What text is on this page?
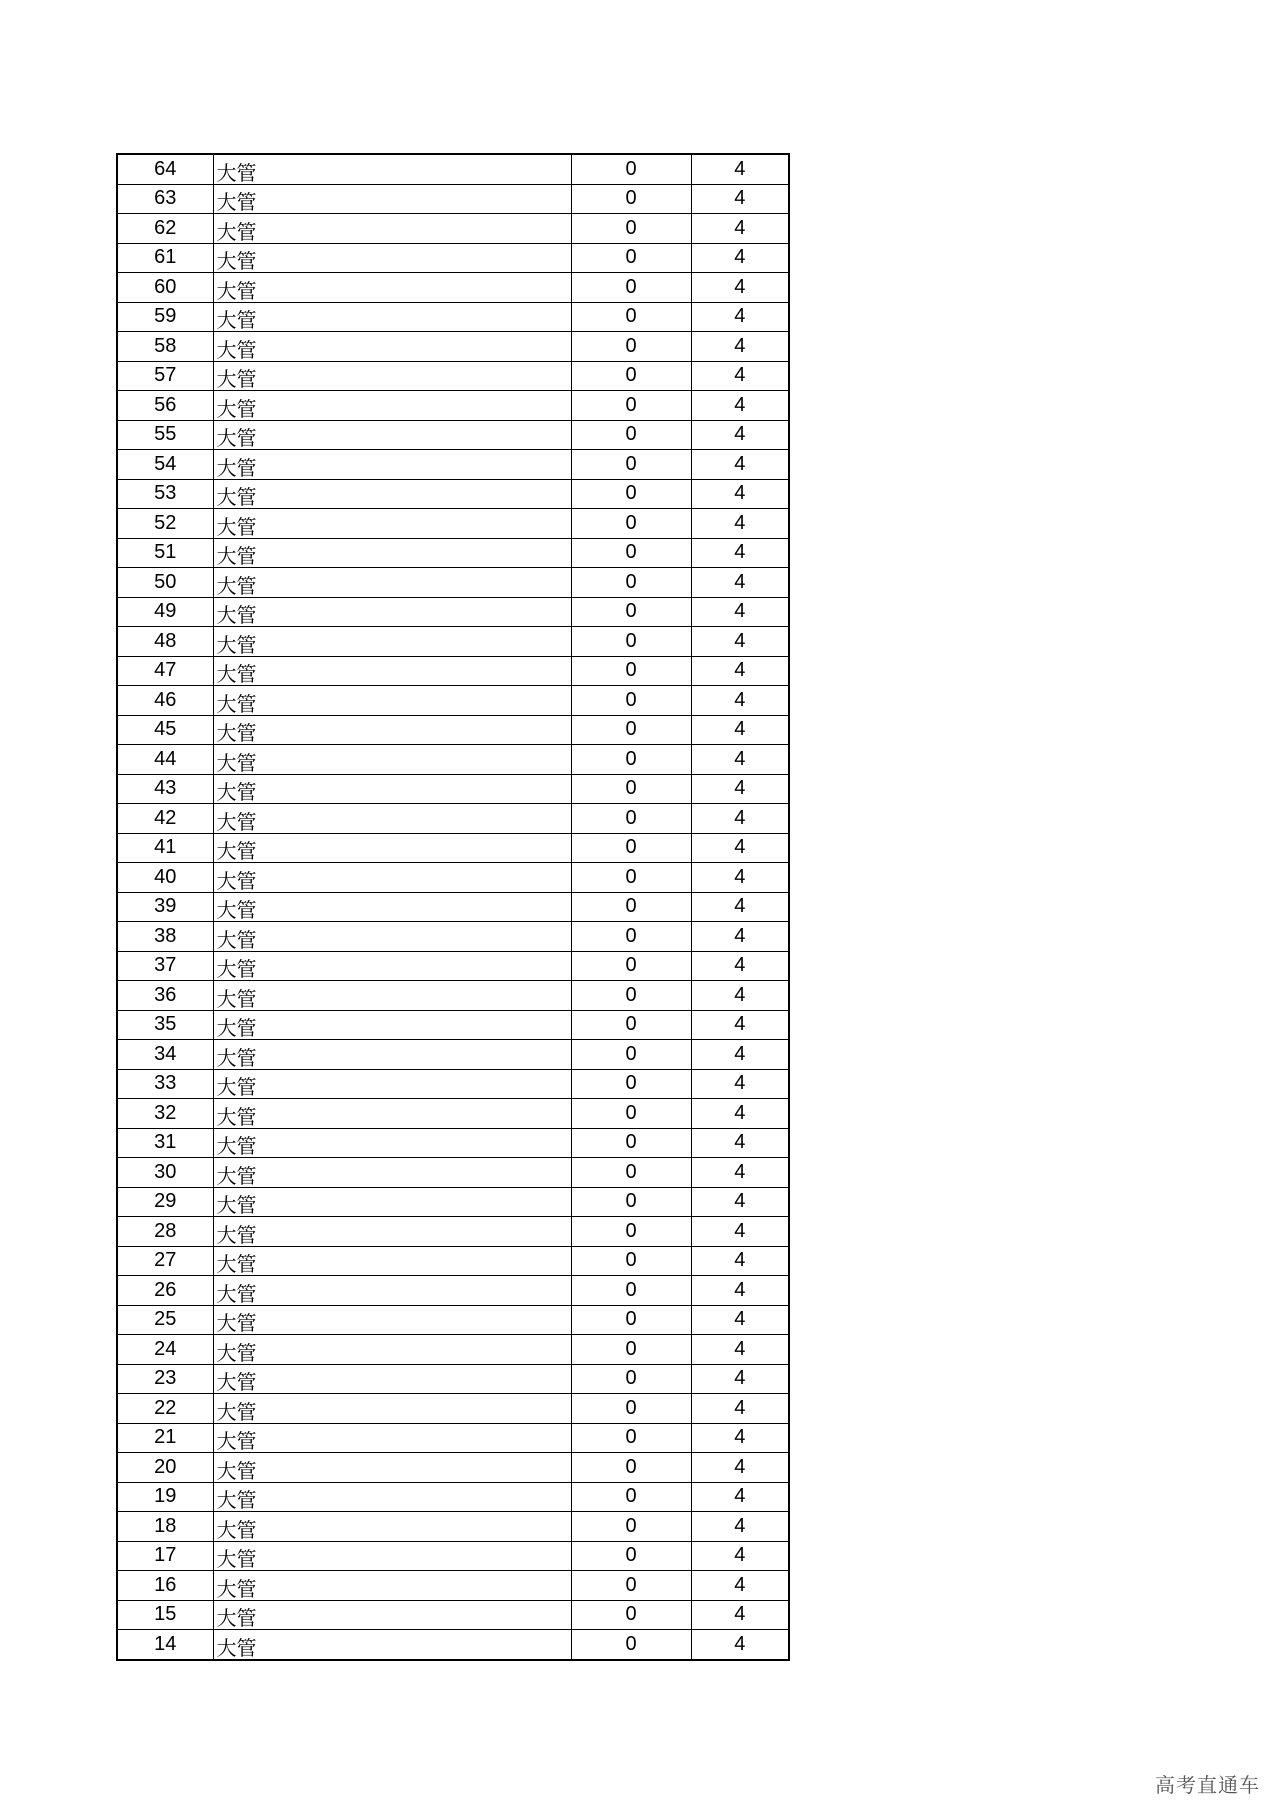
64	大管	0	4
63	大管	0	4
62	大管	0	4
61	大管	0	4
60	大管	0	4
59	大管	0	4
58	大管	0	4
57	大管	0	4
56	大管	0	4
55	大管	0	4
54	大管	0	4
53	大管	0	4
52	大管	0	4
51	大管	0	4
50	大管	0	4
49	大管	0	4
48	大管	0	4
47	大管	0	4
46	大管	0	4
45	大管	0	4
44	大管	0	4
43	大管	0	4
42	大管	0	4
41	大管	0	4
40	大管	0	4
39	大管	0	4
38	大管	0	4
37	大管	0	4
36	大管	0	4
35	大管	0	4
34	大管	0	4
33	大管	0	4
32	大管	0	4
31	大管	0	4
30	大管	0	4
29	大管	0	4
28	大管	0	4
27	大管	0	4
26	大管	0	4
25	大管	0	4
24	大管	0	4
23	大管	0	4
22	大管	0	4
21	大管	0	4
20	大管	0	4
19	大管	0	4
18	大管	0	4
17	大管	0	4
16	大管	0	4
15	大管	0	4
14	大管	0	4
高考直通车
